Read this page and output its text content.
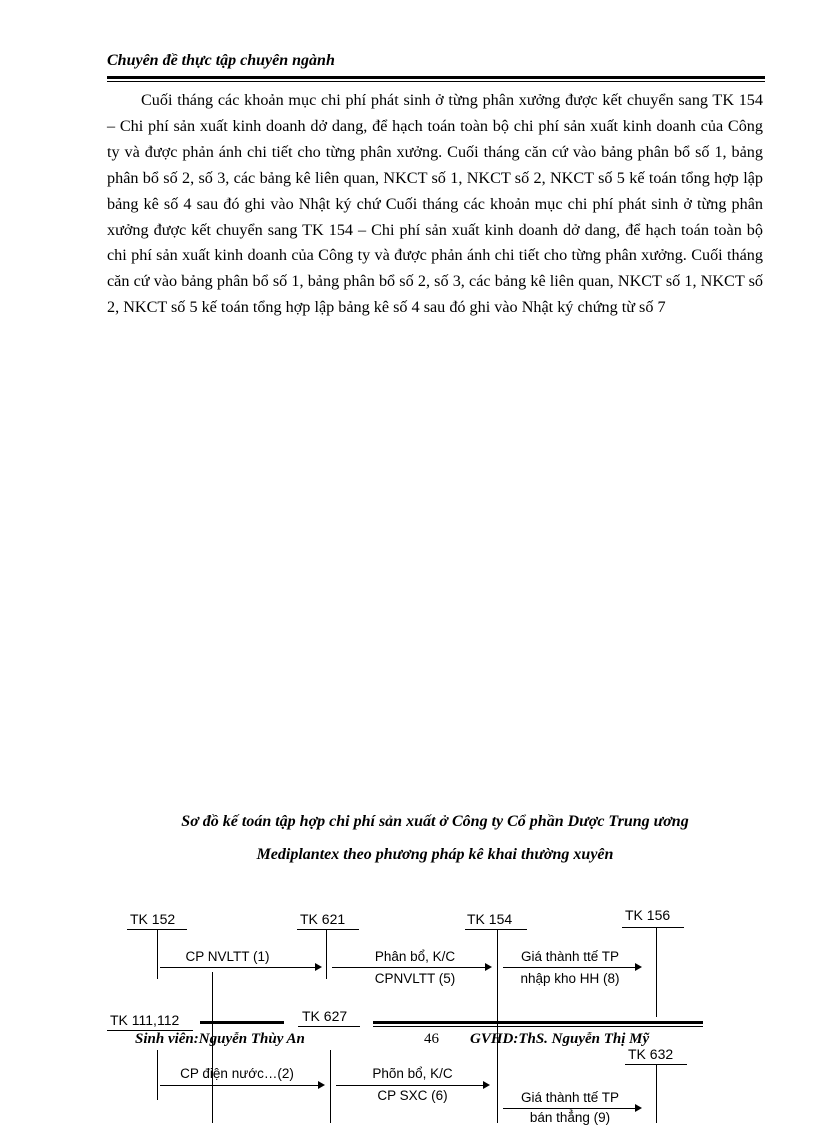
Chuyên đề thực tập chuyên ngành

Cuối tháng các khoản mục chi phí phát sinh ở từng phân xưởng được kết chuyển sang TK 154 – Chi phí sản xuất kinh doanh dở dang, để hạch toán toàn bộ chi phí sản xuất kinh doanh của Công ty và được phản ánh chi tiết cho từng phân xưởng. Cuối tháng căn cứ vào bảng phân bổ số 1, bảng phân bổ số 2, số 3, các bảng kê liên quan, NKCT số 1, NKCT số 2, NKCT số 5 kế toán tổng hợp lập bảng kê số 4 sau đó ghi vào Nhật ký chứ Cuối tháng các khoản mục chi phí phát sinh ở từng phân xưởng được kết chuyển sang TK 154 – Chi phí sản xuất kinh doanh dở dang, để hạch toán toàn bộ chi phí sản xuất kinh doanh của Công ty và được phản ánh chi tiết cho từng phân xưởng. Cuối tháng căn cứ vào bảng phân bổ số 1, bảng phân bổ số 2, số 3, các bảng kê liên quan, NKCT số 1, NKCT số 2, NKCT số 5 kế toán tổng hợp lập bảng kê số 4 sau đó ghi vào Nhật ký chứng từ số 7

Sơ đồ kế toán tập hợp chi phí sản xuất ở Công ty Cổ phần Dược Trung ương
Mediplantex theo phương pháp kê khai thường xuyên
TK 152	TK 621	TK 154	TK 156
CP NVLTT (1)	Phân bổ, K/C
CPNVLTT (5)
Giá thành ttế TP
nhập kho HH (8)
TK 111,112	TK 627
TK 632
Sinh viên:Nguyễn Thùy An	46 GVHD:ThS. Nguyễn Thị Mỹ
CP điện nước…(2)	Phõn bổ, K/C
CP SXC (6)	Giá thành ttế TP
bán thẳng (9)
